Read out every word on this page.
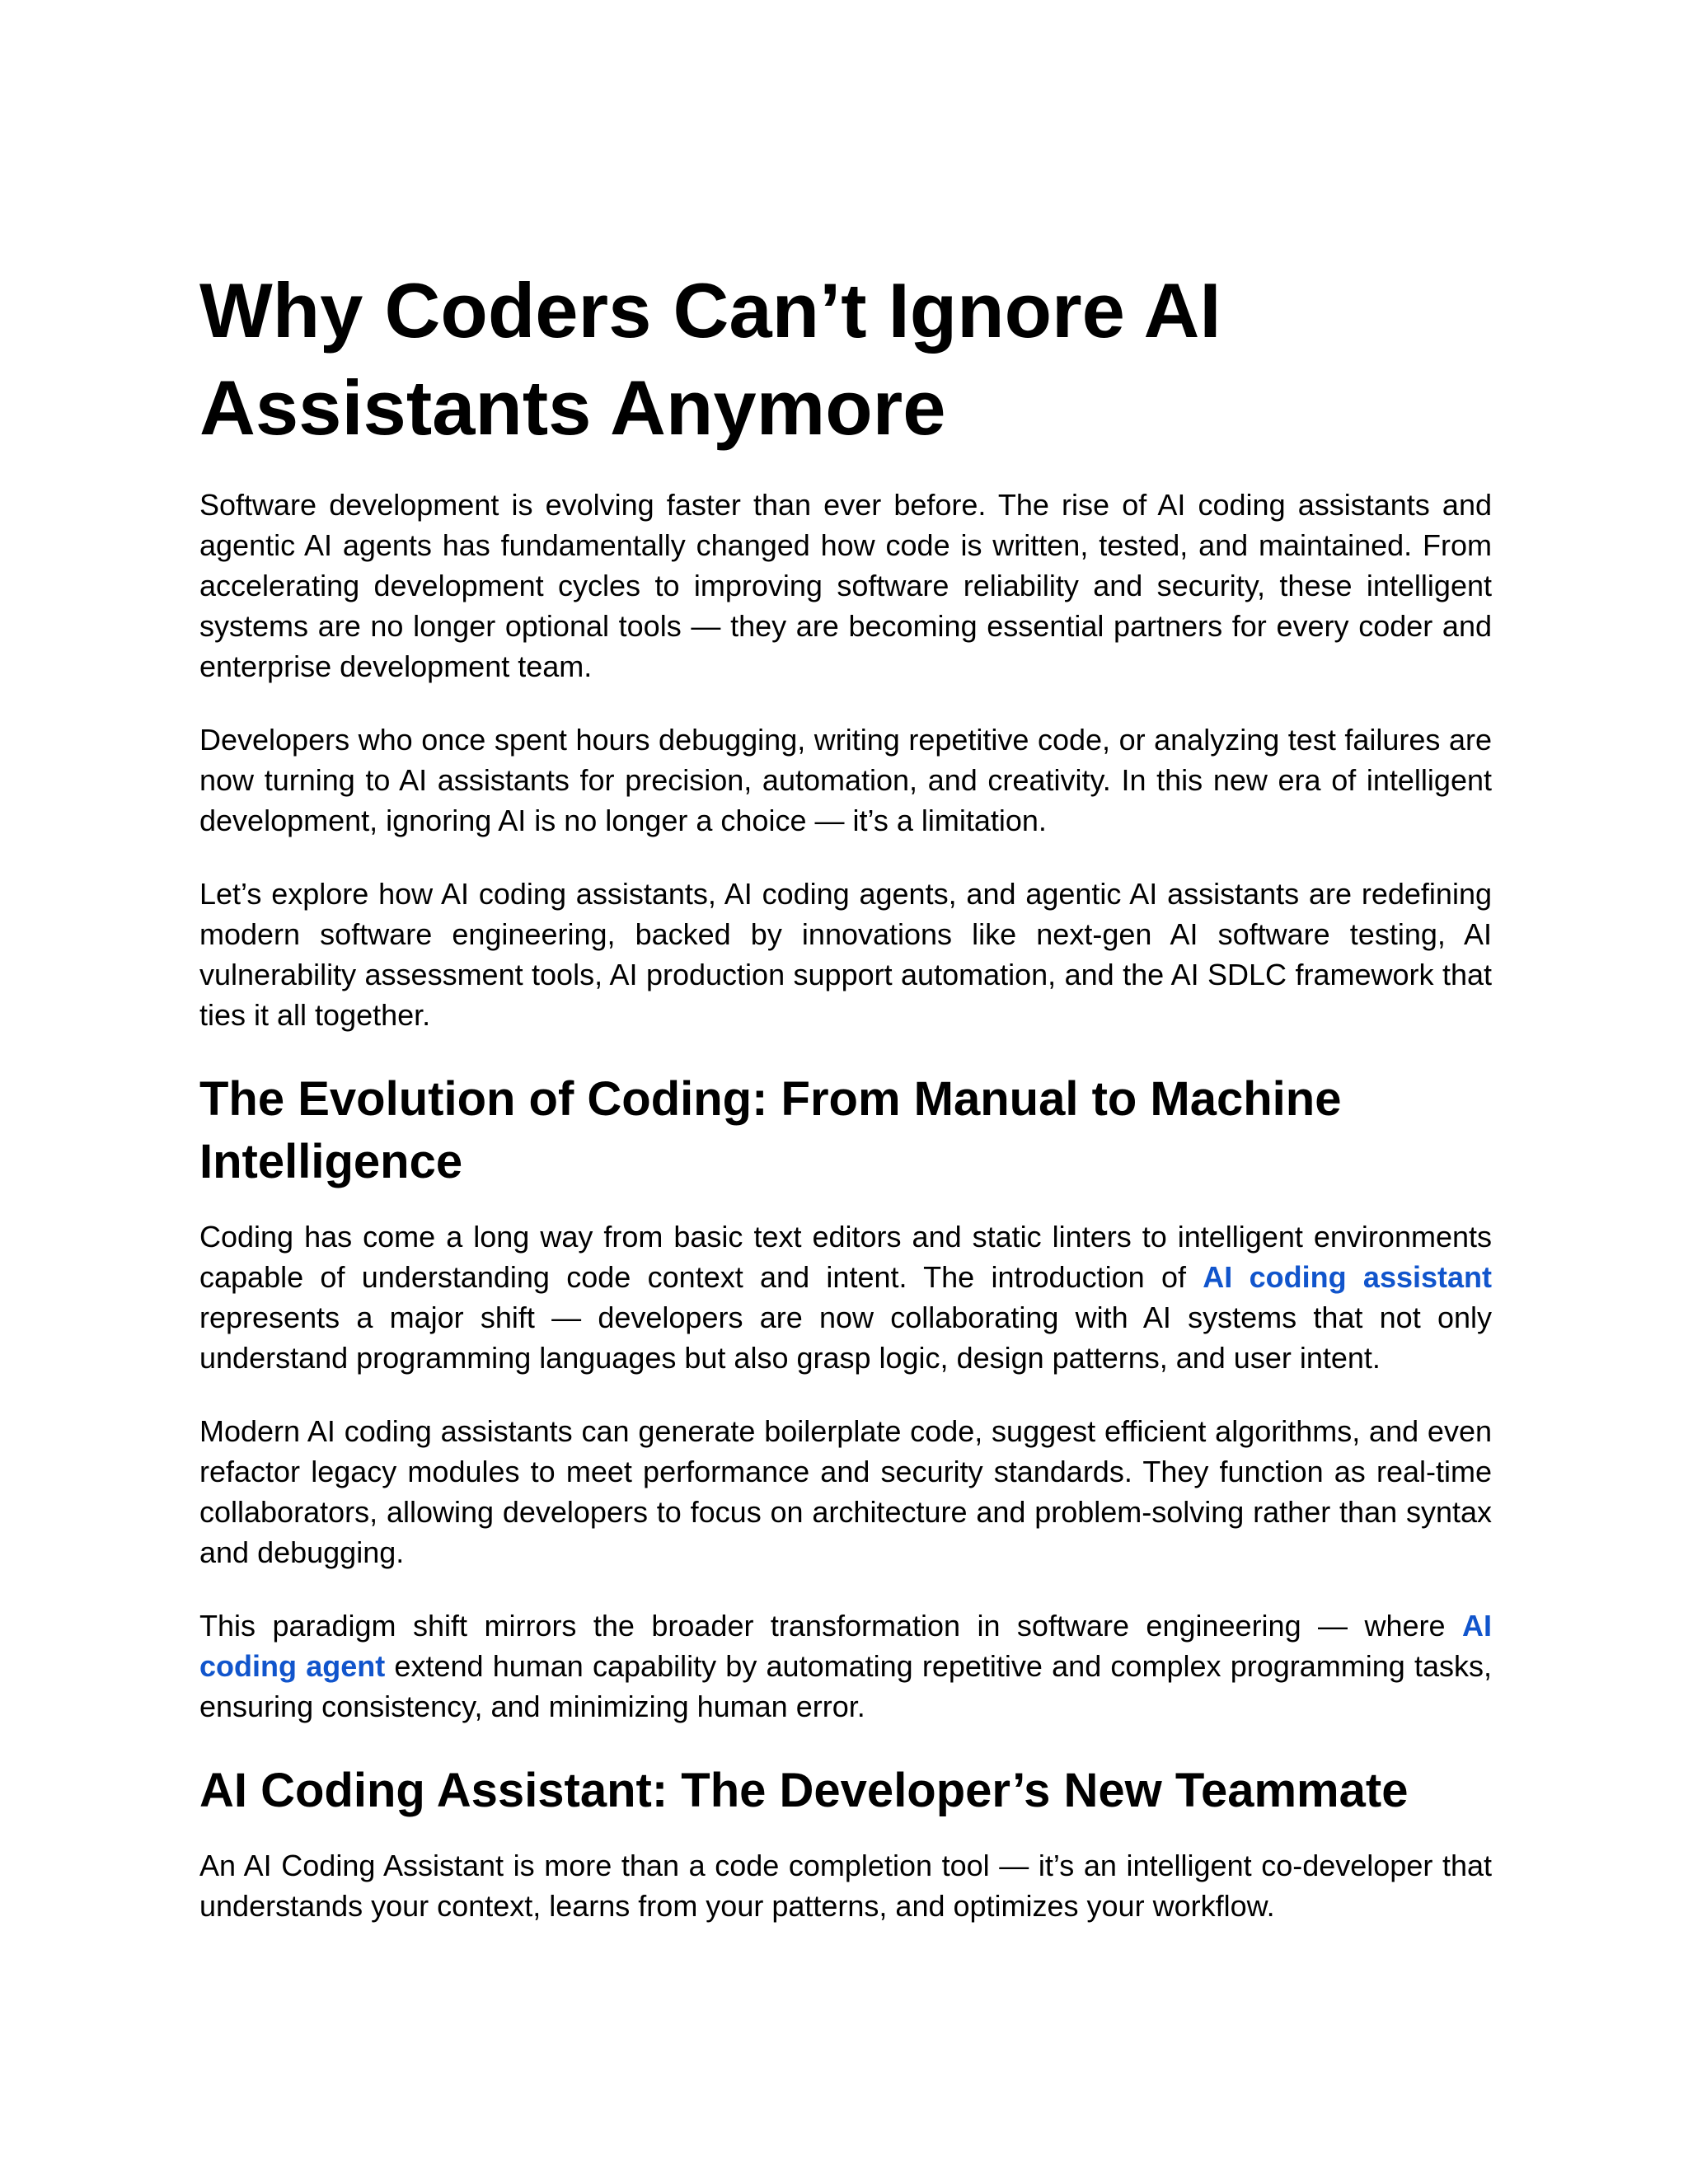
Why Coders Can’t Ignore AI Assistants Anymore

Software development is evolving faster than ever before. The rise of AI coding assistants and agentic AI agents has fundamentally changed how code is written, tested, and maintained. From accelerating development cycles to improving software reliability and security, these intelligent systems are no longer optional tools — they are becoming essential partners for every coder and enterprise development team.

Developers who once spent hours debugging, writing repetitive code, or analyzing test failures are now turning to AI assistants for precision, automation, and creativity. In this new era of intelligent development, ignoring AI is no longer a choice — it’s a limitation.

Let’s explore how AI coding assistants, AI coding agents, and agentic AI assistants are redefining modern software engineering, backed by innovations like next-gen AI software testing, AI vulnerability assessment tools, AI production support automation, and the AI SDLC framework that ties it all together.

The Evolution of Coding: From Manual to Machine Intelligence

Coding has come a long way from basic text editors and static linters to intelligent environments capable of understanding code context and intent. The introduction of AI coding assistant represents a major shift — developers are now collaborating with AI systems that not only understand programming languages but also grasp logic, design patterns, and user intent.

Modern AI coding assistants can generate boilerplate code, suggest efficient algorithms, and even refactor legacy modules to meet performance and security standards. They function as real-time collaborators, allowing developers to focus on architecture and problem-solving rather than syntax and debugging.

This paradigm shift mirrors the broader transformation in software engineering — where AI coding agent extend human capability by automating repetitive and complex programming tasks, ensuring consistency, and minimizing human error.

AI Coding Assistant: The Developer’s New Teammate

An AI Coding Assistant is more than a code completion tool — it’s an intelligent co-developer that understands your context, learns from your patterns, and optimizes your workflow.
